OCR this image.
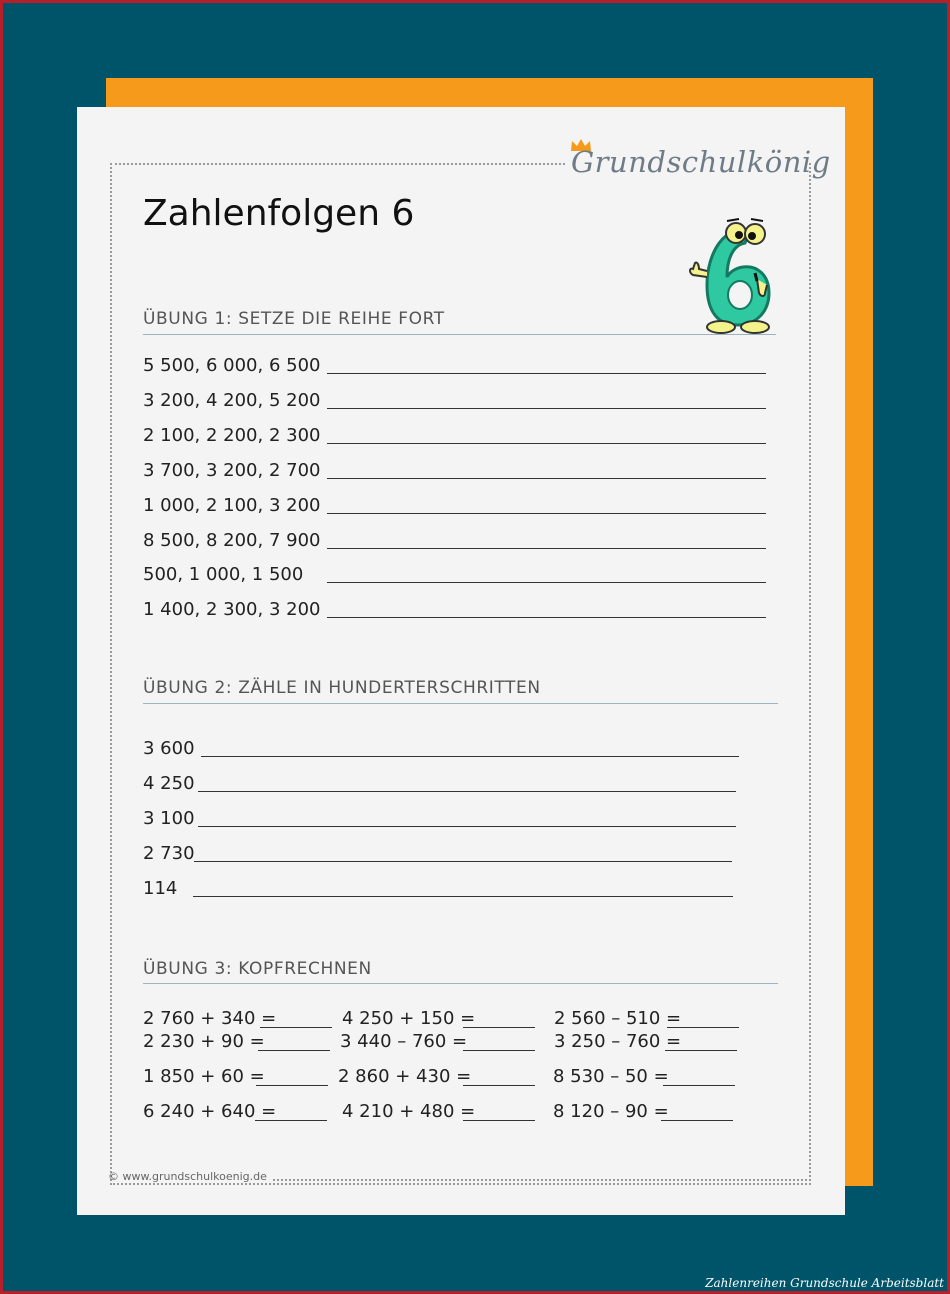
Grundschulkönig
Zahlenfolgen 6
ÜBUNG 1: SETZE DIE REIHE FORT
5 500, 6 000, 6 500
3 200, 4 200, 5 200
2 100, 2 200, 2 300
3 700, 3 200, 2 700
1 000, 2 100, 3 200
8 500, 8 200, 7 900
500, 1 000, 1 500
1 400, 2 300, 3 200
ÜBUNG 2: ZÄHLE IN HUNDERTERSCHRITTEN
3 600
4 250
3 100
2 730
114
ÜBUNG 3: KOPFRECHNEN
2 760 + 340 =	4 250 + 150 =	2 560 – 510 =
2 230 + 90 =	3 440 – 760 =	3 250 – 760 =
1 850 + 60 =	2 860 + 430 =	8 530 – 50 =
6 240 + 640 =	4 210 + 480 =	8 120 – 90 =
© www.grundschulkoenig.de
Zahlenreihen Grundschule Arbeitsblatt
